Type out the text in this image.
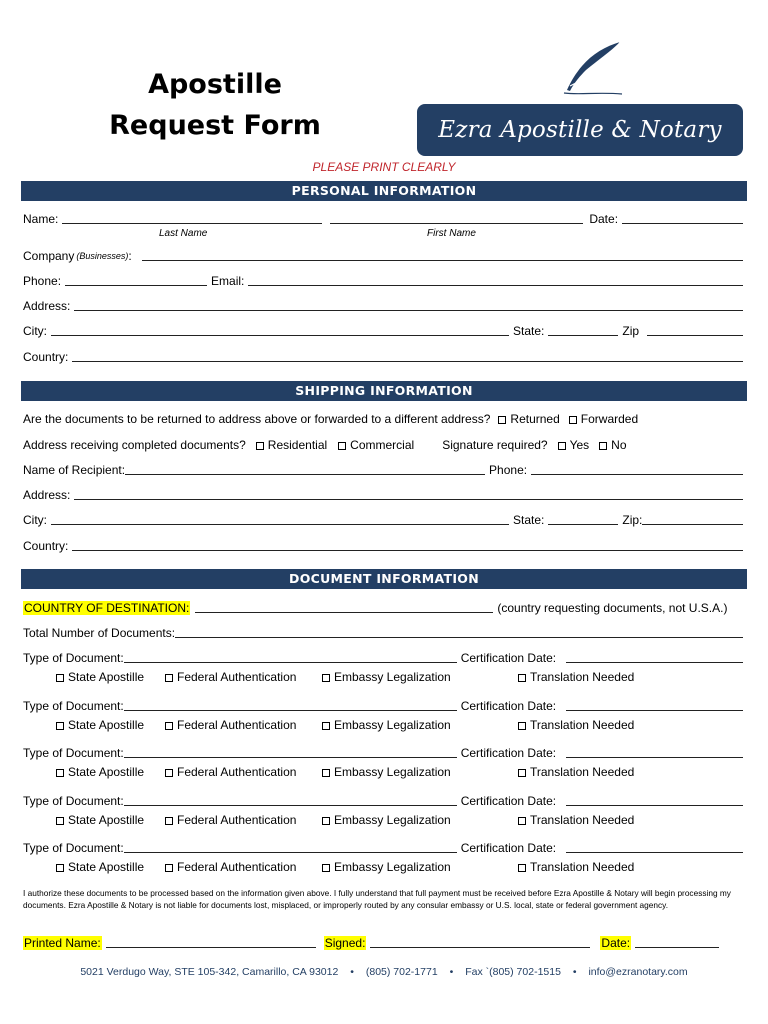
Apostille
Request Form	Ezra Apostille & Notary
PLEASE PRINT CLEARLY
PERSONAL INFORMATION
Name:	Date:
Last Name	First Name
Company (Businesses) :
Phone:	Email:
Address:
City:	State:	Zip
Country:
SHIPPING INFORMATION
Are the documents to be returned to address above or forwarded to a different address?	Returned	Forwarded
Address receiving completed documents?	Residential	Commercial Signature required?	Yes	No
Name of Recipient:	Phone:
Address:
City:	State:	Zip:
Country:
DOCUMENT INFORMATION
COUNTRY OF DESTINATION:	(country requesting documents, not U.S.A.)
Total Number of Documents:
Type of Document:	Certification Date:
State Apostille	Federal Authentication	Embassy Legalization	Translation Needed
Type of Document:	Certification Date:
State Apostille	Federal Authentication	Embassy Legalization	Translation Needed
Type of Document:	Certification Date:
State Apostille	Federal Authentication	Embassy Legalization	Translation Needed
Type of Document:	Certification Date:
State Apostille	Federal Authentication	Embassy Legalization	Translation Needed
Type of Document:	Certification Date:
State Apostille	Federal Authentication	Embassy Legalization	Translation Needed
I authorize these documents to be processed based on the information given above. I fully understand that full payment must be received before Ezra Apostille & Notary will begin processing my documents. Ezra Apostille & Notary is not liable for documents lost, misplaced, or improperly routed by any consular embassy or U.S. local, state or federal government agency.
Printed Name:	Signed:	Date:
5021 Verdugo Way, STE 105-342, Camarillo, CA 93012 • (805) 702-1771 • Fax `(805) 702-1515 • info@ezranotary.com
